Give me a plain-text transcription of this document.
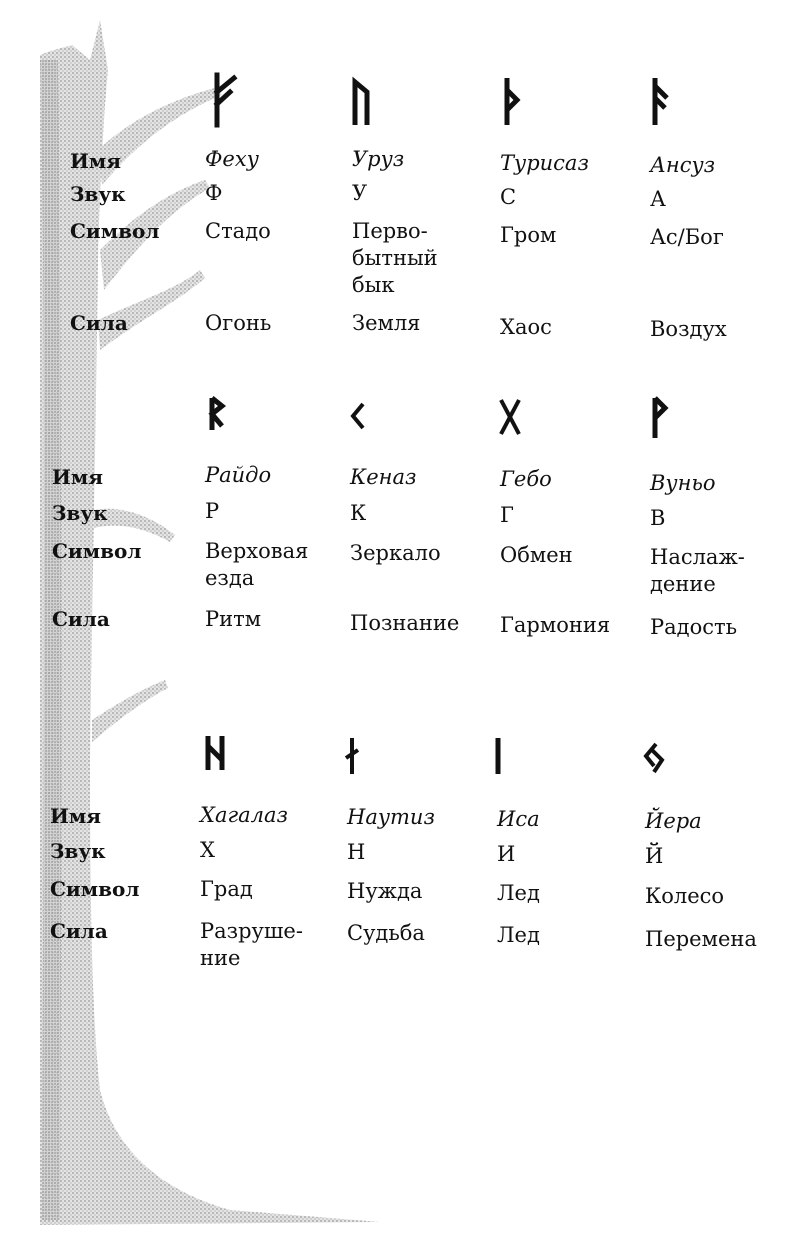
Имя
Звук
Символ
Сила
Феху
Ф
Стадо
Огонь
Уруз
У
Перво-
бытный
бык
Земля
Турисаз
С
Гром
Хаос
Ансуз
А
Ас/Бог
Воздух
Имя
Звук
Символ
Сила
Райдо
Р
Верховая
езда
Ритм
Кеназ
К
Зеркало
Познание
Гебо
Г
Обмен
Гармония
Вуньо
В
Наслаж-
дение
Радость
Имя
Звук
Символ
Сила
Хагалаз
Х
Град
Разруше-
ние
Наутиз
Н
Нужда
Судьба
Иса
И
Лед
Лед
Йера
Й
Колесо
Перемена
